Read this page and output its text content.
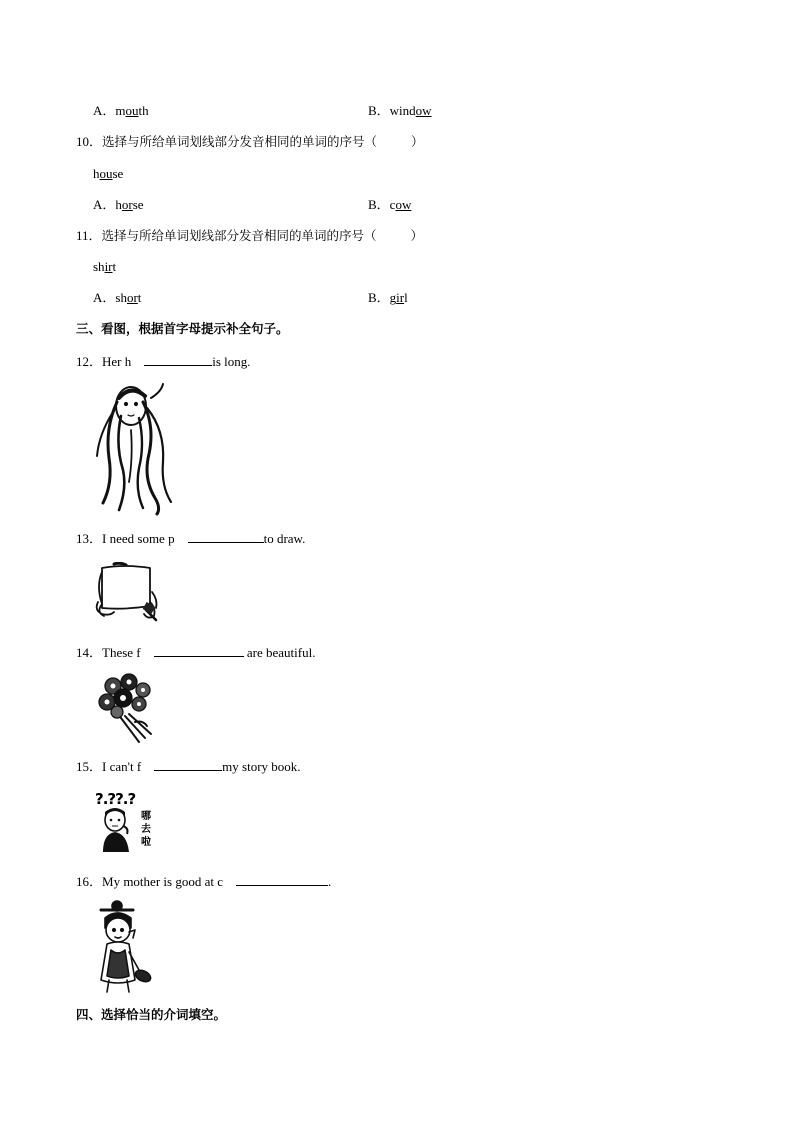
A．mouth	B．window
10．选择与所给单词划线部分发音相同的单词的序号（	）
house
A．horse	B．cow
11．选择与所给单词划线部分发音相同的单词的序号（	）
shirt
A．short	B．girl
三、看图，根据首字母提示补全句子。
12．Her h	is long.
13．I need some p	to draw.
14．These f	are beautiful.
15．I can't f	my story book.
?.??.?
哪去啦
16．My mother is good at c	.
四、选择恰当的介词填空。
